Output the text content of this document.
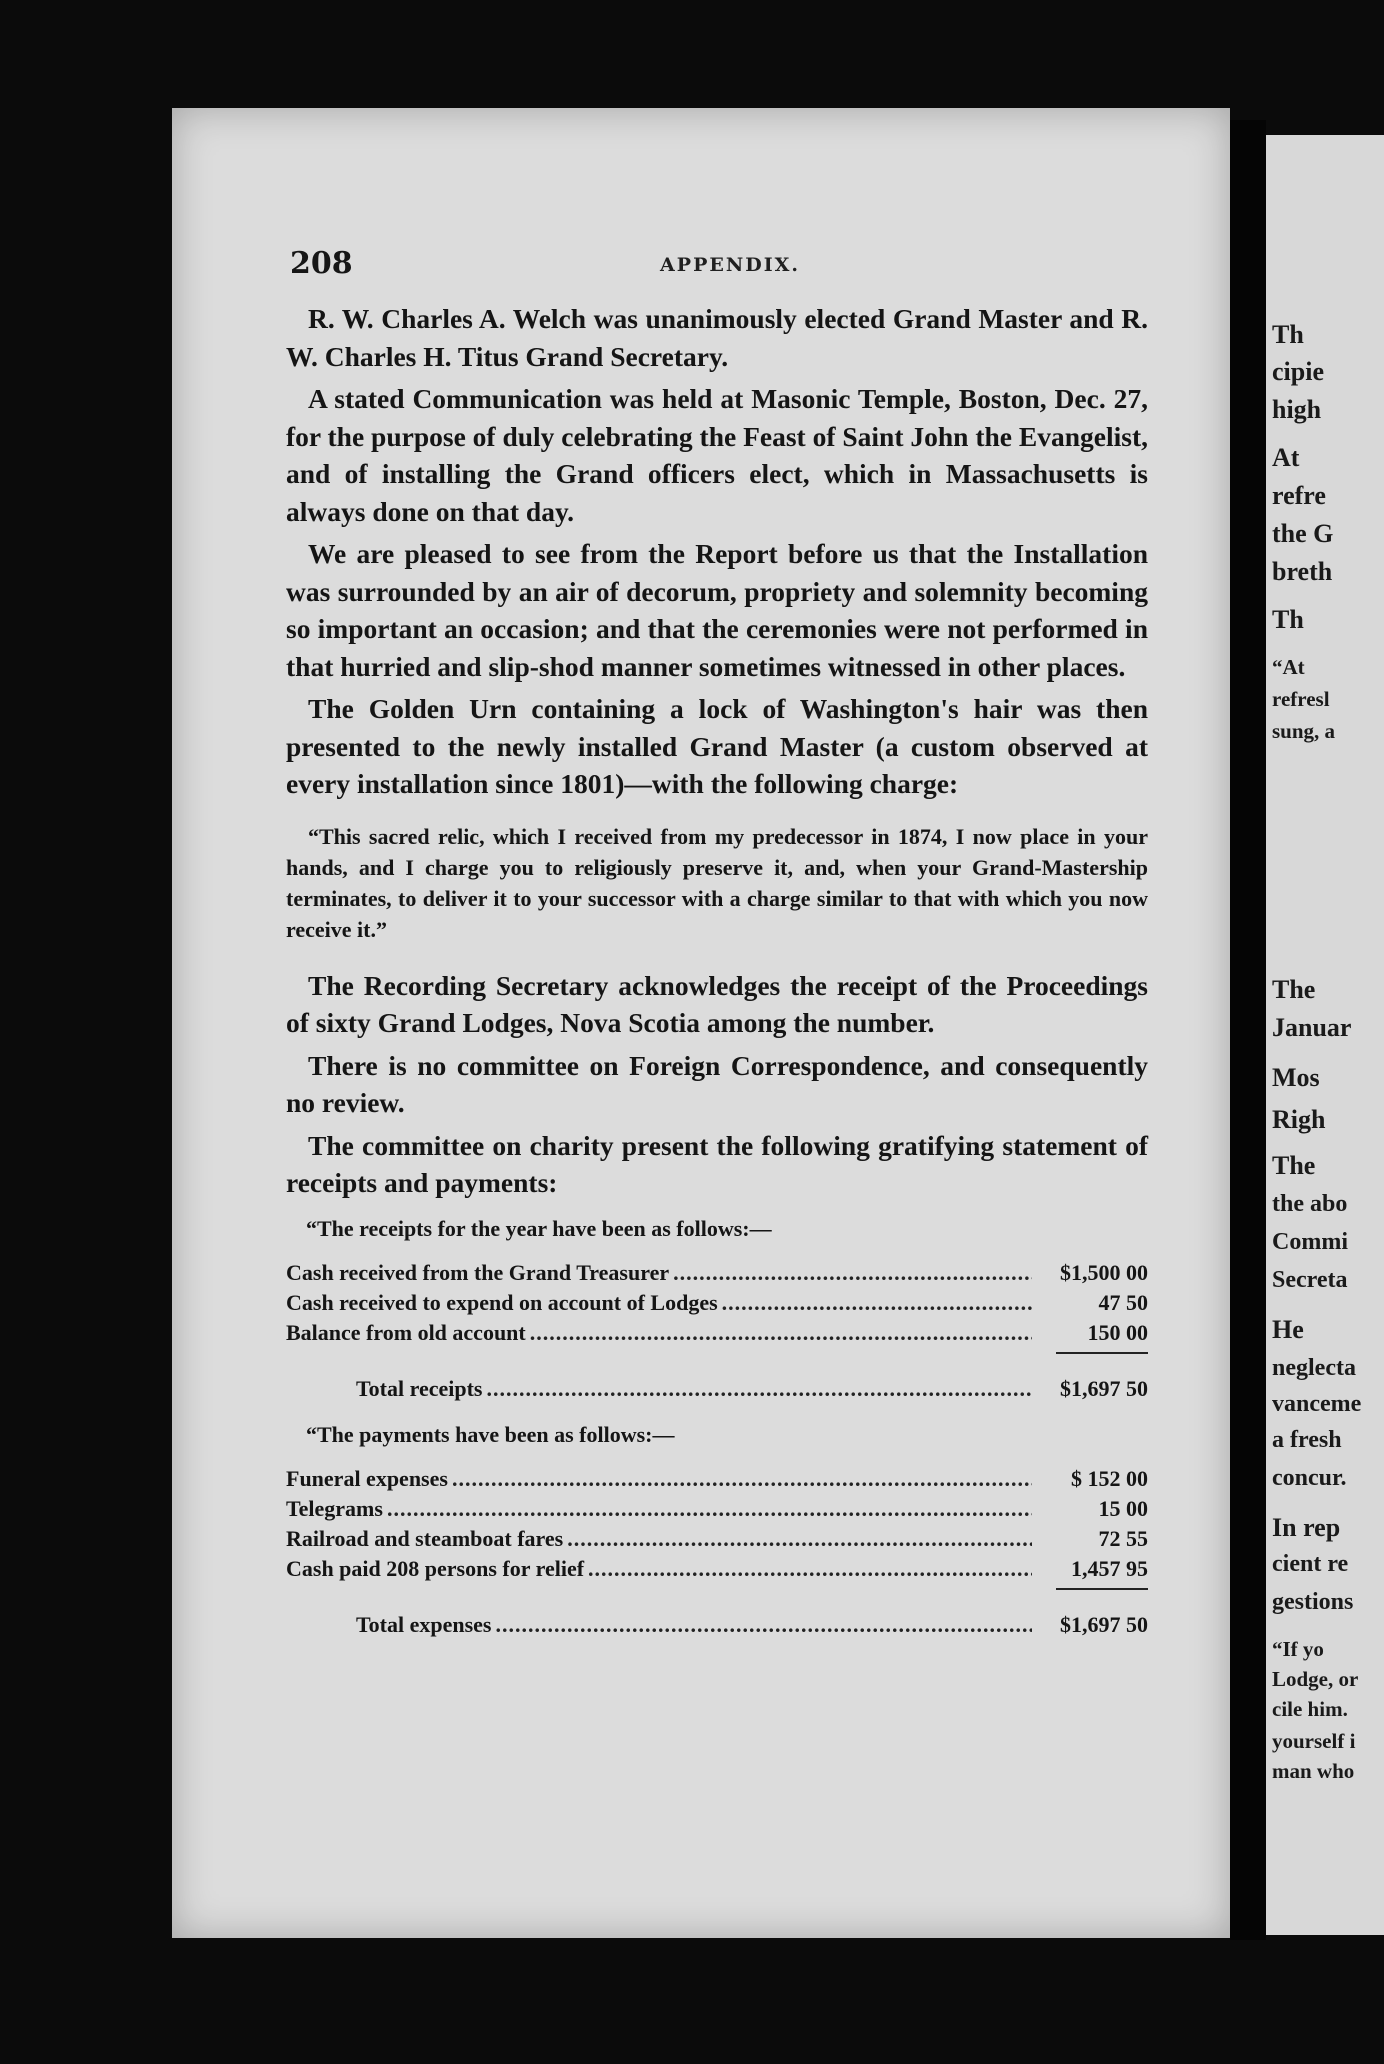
Th
cipie
high
At
refre
the G
breth
Th
“At
refresl
sung, a
The
Januar
Mos
Righ
The
the abo
Commi
Secreta
He
neglecta
vanceme
a fresh
concur.
In rep
cient re
gestions
“If yo
Lodge, or
cile him.
yourself i
man who
208	APPENDIX.

R. W. Charles A. Welch was unanimously elected Grand Master and R. W. Charles H. Titus Grand Secretary.

A stated Communication was held at Masonic Temple, Boston, Dec. 27, for the purpose of duly celebrating the Feast of Saint John the Evangelist, and of installing the Grand officers elect, which in Massachusetts is always done on that day.

We are pleased to see from the Report before us that the Installation was surrounded by an air of decorum, propriety and solemnity becoming so important an occasion; and that the ceremonies were not performed in that hurried and slip-shod manner sometimes witnessed in other places.

The Golden Urn containing a lock of Washington's hair was then presented to the newly installed Grand Master (a custom observed at every installation since 1801)—with the following charge:

“This sacred relic, which I received from my predecessor in 1874, I now place in your hands, and I charge you to religiously preserve it, and, when your Grand-Mastership terminates, to deliver it to your successor with a charge similar to that with which you now receive it.”

The Recording Secretary acknowledges the receipt of the Proceedings of sixty Grand Lodges, Nova Scotia among the number.

There is no committee on Foreign Correspondence, and consequently no review.

The committee on charity present the following gratifying statement of receipts and payments:

“The receipts for the year have been as follows:—
Cash received from the Grand Treasurer .....	$1,500 00
Cash received to expend on account of Lodges .....	47 50
Balance from old account .....	150 00
Total receipts .....	$1,697 50
“The payments have been as follows:—
Funeral expenses .....	$ 152 00
Telegrams .....	15 00
Railroad and steamboat fares .....	72 55
Cash paid 208 persons for relief .....	1,457 95
Total expenses .....	$1,697 50
